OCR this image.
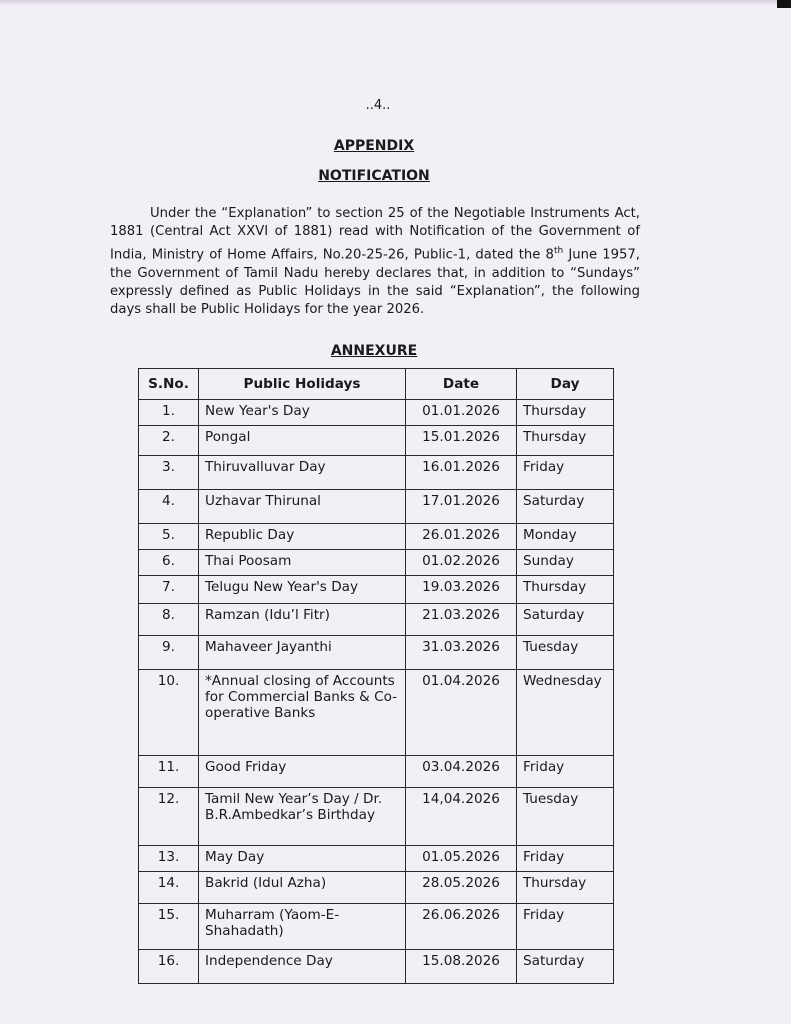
..4..
APPENDIX
NOTIFICATION
Under the “Explanation” to section 25 of the Negotiable Instruments Act, 1881 (Central Act XXVI of 1881) read with Notification of the Government of India, Ministry of Home Affairs, No.20-25-26, Public-1, dated the 8th June 1957, the Government of Tamil Nadu hereby declares that, in addition to “Sundays” expressly defined as Public Holidays in the said “Explanation”, the following days shall be Public Holidays for the year 2026.
ANNEXURE
S.No.	Public Holidays	Date	Day
1.	New Year's Day	01.01.2026	Thursday
2.	Pongal	15.01.2026	Thursday
3.	Thiruvalluvar Day	16.01.2026	Friday
4.	Uzhavar Thirunal	17.01.2026	Saturday
5.	Republic Day	26.01.2026	Monday
6.	Thai Poosam	01.02.2026	Sunday
7.	Telugu New Year's Day	19.03.2026	Thursday
8.	Ramzan (Idu’l Fitr)	21.03.2026	Saturday
9.	Mahaveer Jayanthi	31.03.2026	Tuesday
10.	*Annual closing of Accounts for Commercial Banks & Co-operative Banks	01.04.2026	Wednesday
11.	Good Friday	03.04.2026	Friday
12.	Tamil New Year’s Day / Dr. B.R.Ambedkar’s Birthday	14,04.2026	Tuesday
13.	May Day	01.05.2026	Friday
14.	Bakrid (Idul Azha)	28.05.2026	Thursday
15.	Muharram (Yaom-E-Shahadath)	26.06.2026	Friday
16.	Independence Day	15.08.2026	Saturday
